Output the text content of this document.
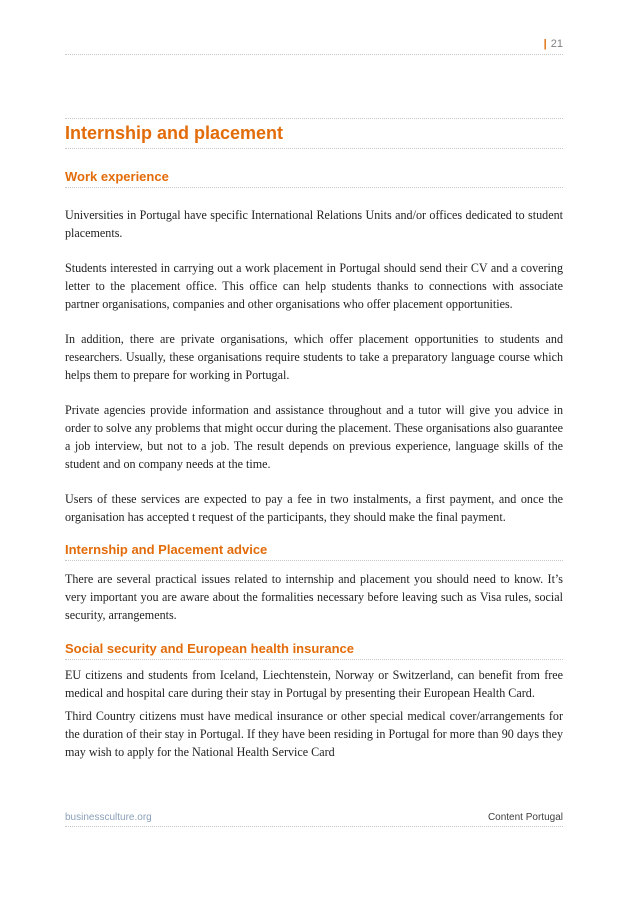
| 21
Internship and placement
Work experience

Universities in Portugal have specific International Relations Units and/or offices dedicated to student placements.

Students interested in carrying out a work placement in Portugal should send their CV and a covering letter to the placement office. This office can help students thanks to connections with associate partner organisations, companies and other organisations who offer placement opportunities.

In addition, there are private organisations, which offer placement opportunities to students and researchers. Usually, these organisations require students to take a preparatory language course which helps them to prepare for working in Portugal.

Private agencies provide information and assistance throughout and a tutor will give you advice in order to solve any problems that might occur during the placement. These organisations also guarantee a job interview, but not to a job. The result depends on previous experience, language skills of the student and on company needs at the time.

Users of these services are expected to pay a fee in two instalments, a first payment, and once the organisation has accepted t request of the participants, they should make the final payment.

Internship and Placement advice

There are several practical issues related to internship and placement you should need to know. It’s very important you are aware about the formalities necessary before leaving such as Visa rules, social security, arrangements.

Social security and European health insurance

EU citizens and students from Iceland, Liechtenstein, Norway or Switzerland, can benefit from free medical and hospital care during their stay in Portugal by presenting their European Health Card.

Third Country citizens must have medical insurance or other special medical cover/arrangements for the duration of their stay in Portugal. If they have been residing in Portugal for more than 90 days they may wish to apply for the National Health Service Card

businessculture.org	Content Portugal
